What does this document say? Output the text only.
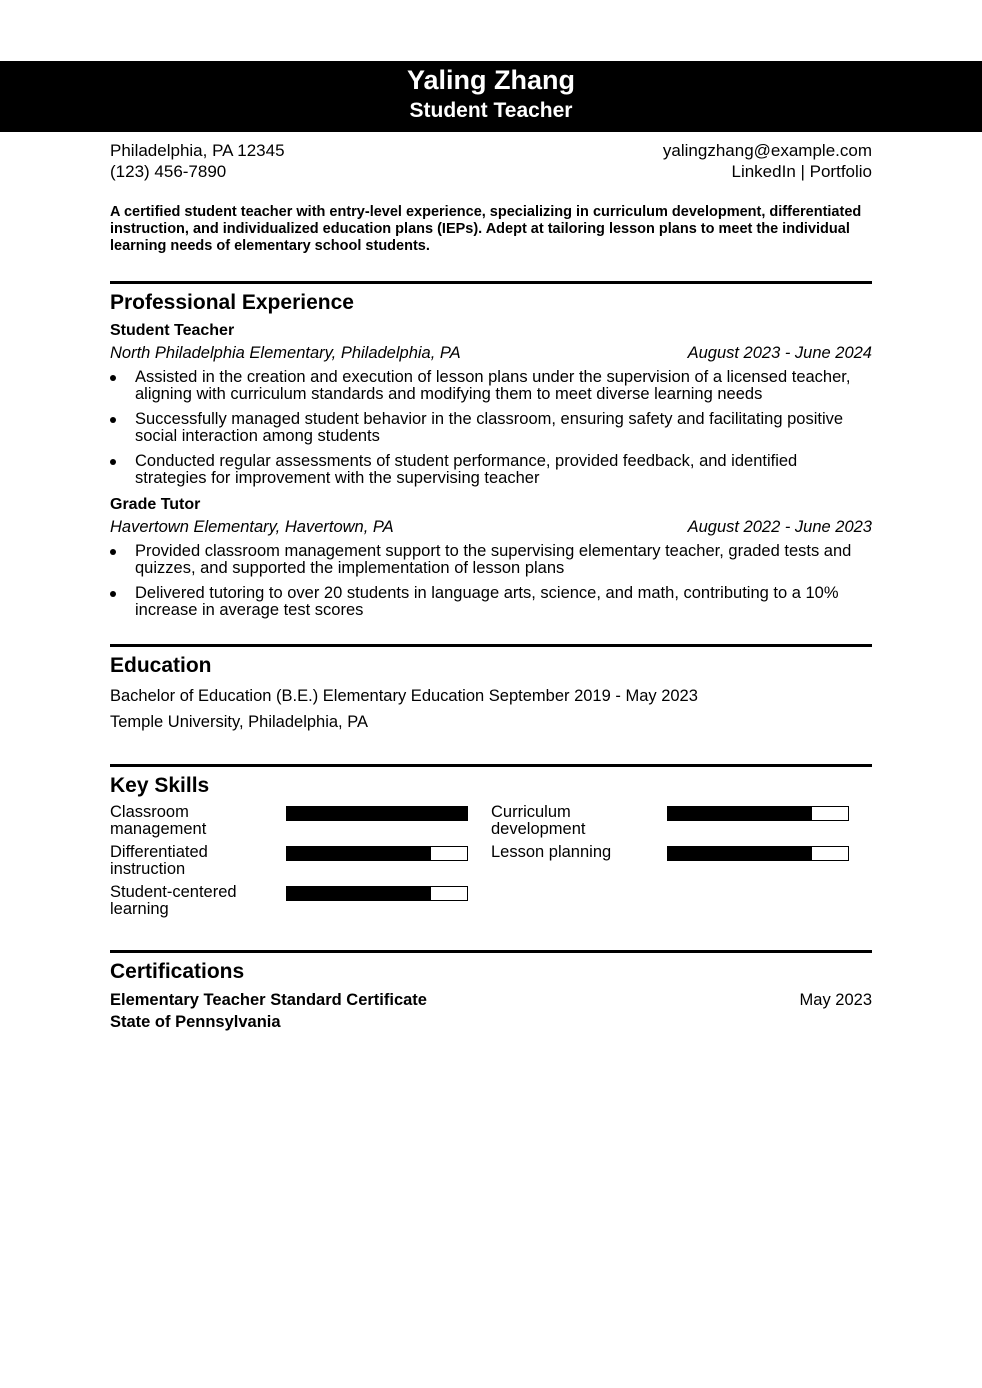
Yaling Zhang
Student Teacher
Philadelphia, PA 12345
(123) 456-7890
yalingzhang@example.com
LinkedIn | Portfolio
A certified student teacher with entry-level experience, specializing in curriculum development, differentiated instruction, and individualized education plans (IEPs). Adept at tailoring lesson plans to meet the individual learning needs of elementary school students.
Professional Experience
Student Teacher
North Philadelphia Elementary, Philadelphia, PA	August 2023 - June 2024
Assisted in the creation and execution of lesson plans under the supervision of a licensed teacher, aligning with curriculum standards and modifying them to meet diverse learning needs
Successfully managed student behavior in the classroom, ensuring safety and facilitating positive social interaction among students
Conducted regular assessments of student performance, provided feedback, and identified strategies for improvement with the supervising teacher
Grade Tutor
Havertown Elementary, Havertown, PA	August 2022 - June 2023
Provided classroom management support to the supervising elementary teacher, graded tests and quizzes, and supported the implementation of lesson plans
Delivered tutoring to over 20 students in language arts, science, and math, contributing to a 10% increase in average test scores
Education
Bachelor of Education (B.E.) Elementary Education September 2019 - May 2023
Temple University, Philadelphia, PA
Key Skills
Classroom management
Curriculum development
Differentiated instruction
Lesson planning
Student-centered learning
Certifications
Elementary Teacher Standard Certificate	May 2023
State of Pennsylvania
